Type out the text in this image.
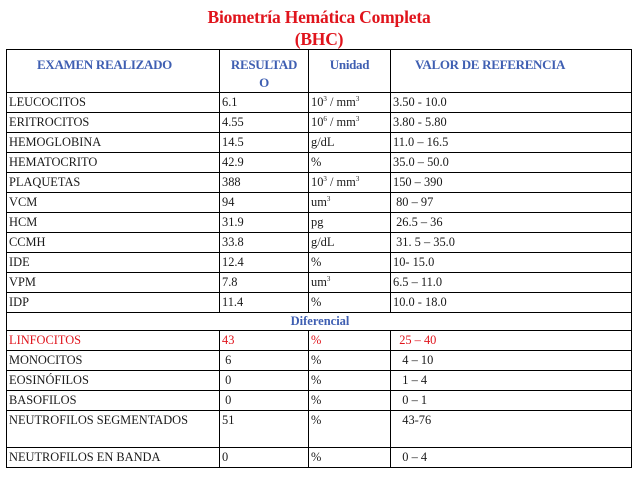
Biometría Hemática Completa
(BHC)
EXAMEN REALIZADO	RESULTADO	Unidad	VALOR DE REFERENCIA
LEUCOCITOS	6.1	$10^3 / mm^3$	3.50 - 10.0
ERITROCITOS	4.55	$10^6 / mm^3$	3.80 - 5.80
HEMOGLOBINA	14.5	g/dL	11.0 – 16.5
HEMATOCRITO	42.9	%	35.0 – 50.0
PLAQUETAS	388	$10^3 / mm^3$	150 – 390
VCM	94	$um^3$	80 – 97
HCM	31.9	pg	26.5 – 36
CCMH	33.8	g/dL	31. 5 – 35.0
IDE	12.4	%	10- 15.0
VPM	7.8	$um^3$	6.5 – 11.0
IDP	11.4	%	10.0 - 18.0
Diferencial			
LINFOCITOS	43	%	25 – 40
MONOCITOS	6	%	4 – 10
EOSINÓFILOS	0	%	1 – 4
BASOFILOS	0	%	0 – 1
NEUTROFILOS SEGMENTADOS	51	%	43-76
NEUTROFILOS EN BANDA	0	%	0 – 4
